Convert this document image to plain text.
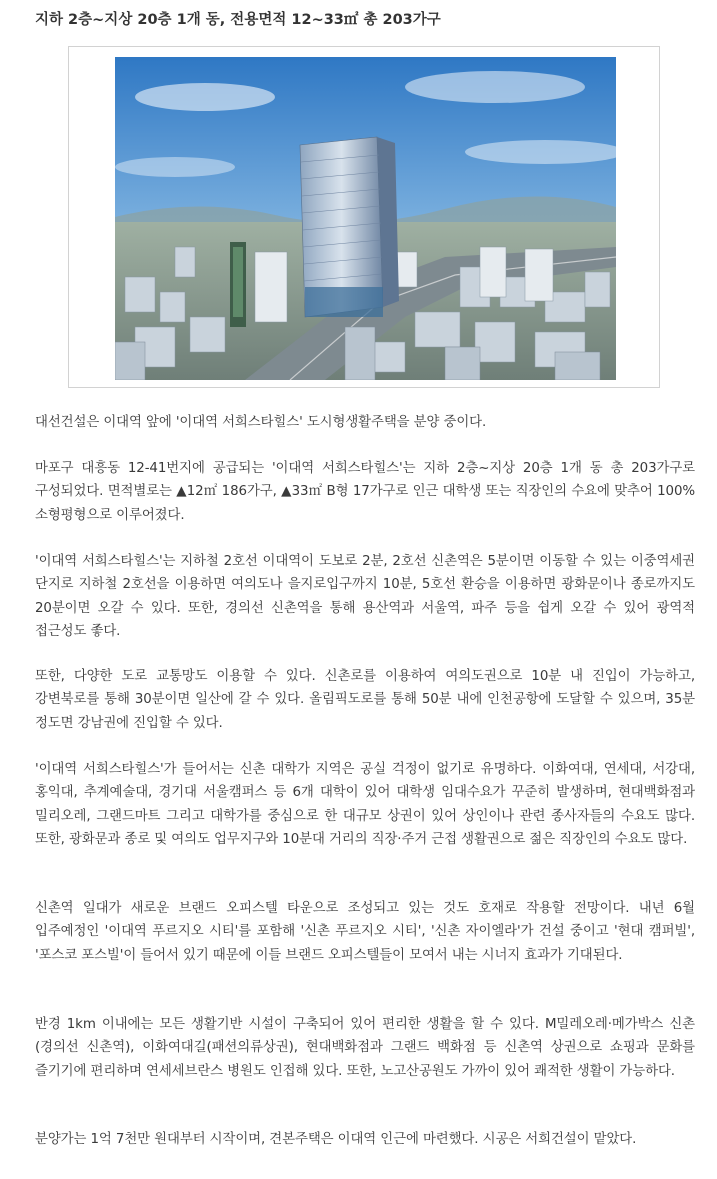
지하 2층~지상 20층 1개 동, 전용면적 12~33㎡ 총 203가구

대선건설은 이대역 앞에 '이대역 서희스타힐스' 도시형생활주택을 분양 중이다.

마포구 대흥동 12-41번지에 공급되는 '이대역 서희스타힐스'는 지하 2층~지상 20층 1개 동 총 203가구로 구성되었다. 면적별로는 ▲12㎡ 186가구, ▲33㎡ B형 17가구로 인근 대학생 또는 직장인의 수요에 맞추어 100% 소형평형으로 이루어졌다.

'이대역 서희스타힐스'는 지하철 2호선 이대역이 도보로 2분, 2호선 신촌역은 5분이면 이동할 수 있는 이중역세권 단지로 지하철 2호선을 이용하면 여의도나 을지로입구까지 10분, 5호선 환승을 이용하면 광화문이나 종로까지도 20분이면 오갈 수 있다. 또한, 경의선 신촌역을 통해 용산역과 서울역, 파주 등을 쉽게 오갈 수 있어 광역적 접근성도 좋다.

또한, 다양한 도로 교통망도 이용할 수 있다. 신촌로를 이용하여 여의도권으로 10분 내 진입이 가능하고, 강변북로를 통해 30분이면 일산에 갈 수 있다. 올림픽도로를 통해 50분 내에 인천공항에 도달할 수 있으며, 35분 정도면 강남권에 진입할 수 있다.

'이대역 서희스타힐스'가 들어서는 신촌 대학가 지역은 공실 걱정이 없기로 유명하다. 이화여대, 연세대, 서강대, 홍익대, 추계예술대, 경기대 서울캠퍼스 등 6개 대학이 있어 대학생 임대수요가 꾸준히 발생하며, 현대백화점과 밀리오레, 그랜드마트 그리고 대학가를 중심으로 한 대규모 상권이 있어 상인이나 관련 종사자들의 수요도 많다. 또한, 광화문과 종로 및 여의도 업무지구와 10분대 거리의 직장·주거 근접 생활권으로 젊은 직장인의 수요도 많다.

신촌역 일대가 새로운 브랜드 오피스텔 타운으로 조성되고 있는 것도 호재로 작용할 전망이다. 내년 6월 입주예정인 '이대역 푸르지오 시티'를 포함해 '신촌 푸르지오 시티', '신촌 자이엘라'가 건설 중이고 '현대 캠퍼빌', '포스코 포스빌'이 들어서 있기 때문에 이들 브랜드 오피스텔들이 모여서 내는 시너지 효과가 기대된다.

반경 1km 이내에는 모든 생활기반 시설이 구축되어 있어 편리한 생활을 할 수 있다. M밀레오레·메가박스 신촌(경의선 신촌역), 이화여대길(패션의류상권), 현대백화점과 그랜드 백화점 등 신촌역 상권으로 쇼핑과 문화를 즐기기에 편리하며 연세세브란스 병원도 인접해 있다. 또한, 노고산공원도 가까이 있어 쾌적한 생활이 가능하다.

분양가는 1억 7천만 원대부터 시작이며, 견본주택은 이대역 인근에 마련했다. 시공은 서희건설이 맡았다.
